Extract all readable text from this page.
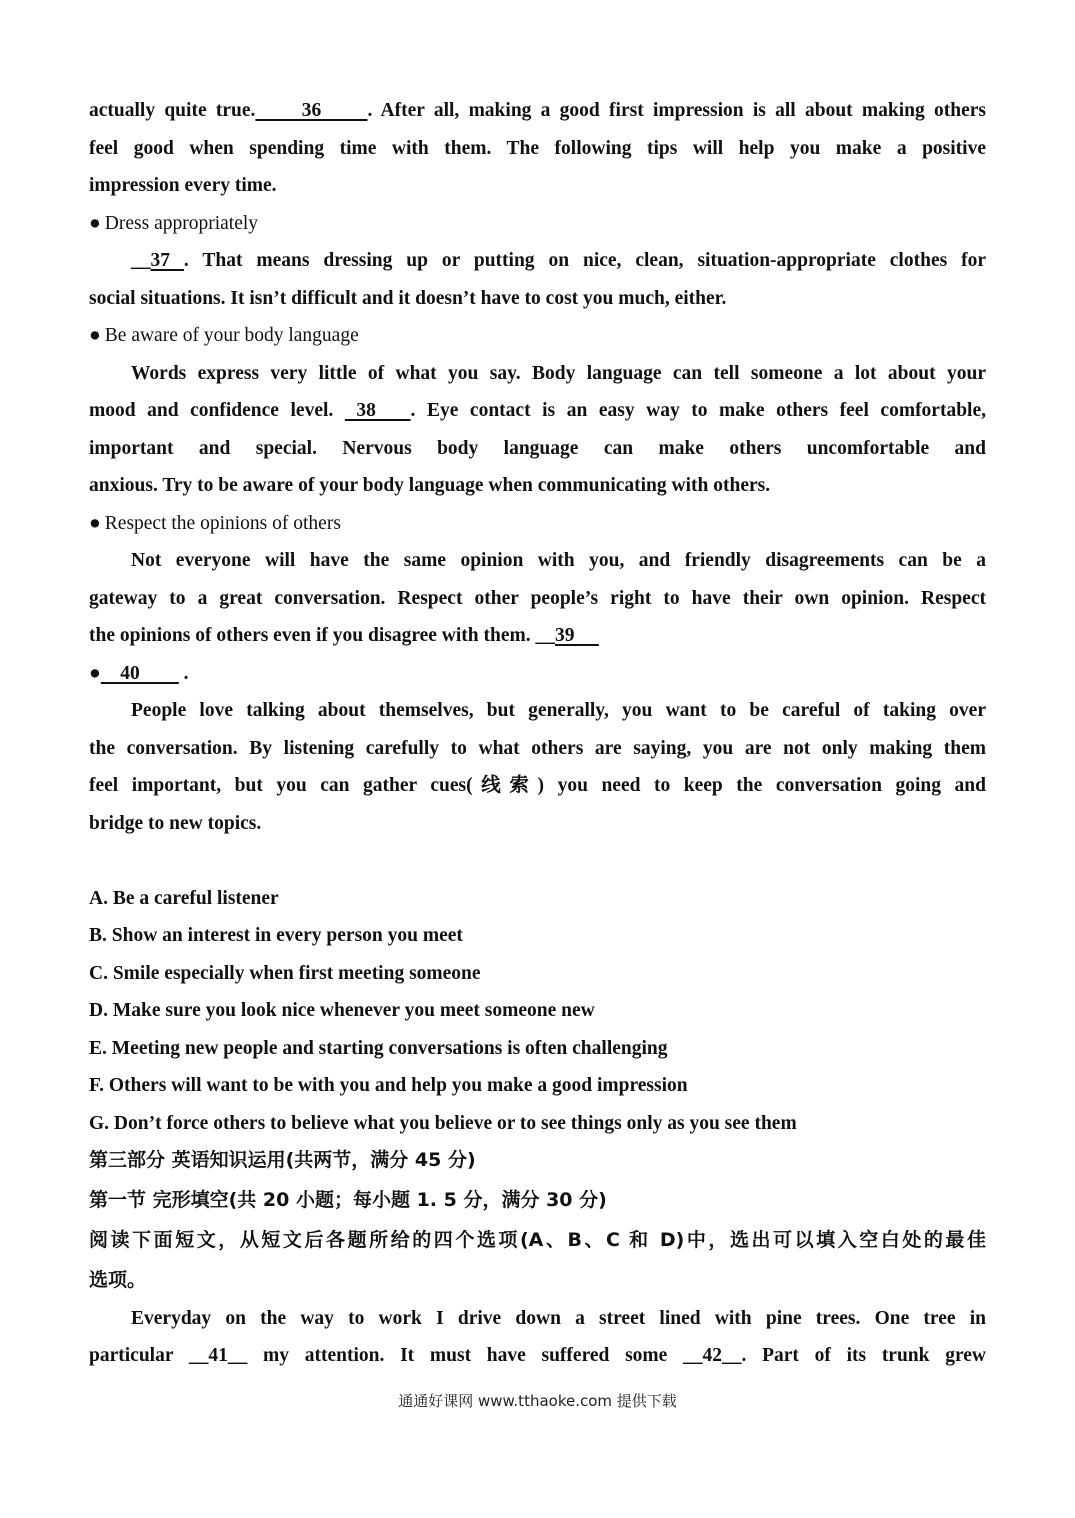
actually quite true.     36     . After all, making a good first impression is all about making others
feel good when spending time with them. The following tips will help you make a positive
impression every time.
● Dress appropriately
__37 . That means dressing up or putting on nice, clean, situation-appropriate clothes for
social situations. It isn’t difficult and it doesn’t have to cost you much, either.
● Be aware of your body language
Words express very little of what you say. Body language can tell someone a lot about your
mood and confidence level.  38   . Eye contact is an easy way to make others feel comfortable,
important and special. Nervous body language can make others uncomfortable and
anxious. Try to be aware of your body language when communicating with others.
● Respect the opinions of others
Not everyone will have the same opinion with you, and friendly disagreements can be a
gateway to a great conversation. Respect other people’s right to have their own opinion. Respect
the opinions of others even if you disagree with them. __39
●    40         .
People love talking about themselves, but generally, you want to be careful of taking over
the conversation. By listening carefully to what others are saying, you are not only making them
feel important, but you can gather cues(线索) you need to keep the conversation going and
bridge to new topics.
A. Be a careful listener
B. Show an interest in every person you meet
C. Smile especially when first meeting someone
D. Make sure you look nice whenever you meet someone new
E. Meeting new people and starting conversations is often challenging
F. Others will want to be with you and help you make a good impression
G. Don’t force others to believe what you believe or to see things only as you see them
第三部分 英语知识运用(共两节，满分 45 分)
第一节 完形填空(共 20 小题；每小题 1. 5 分，满分 30 分)
阅读下面短文，从短文后各题所给的四个选项(A、B、C 和 D)中，选出可以填入空白处的最佳
选项。
Everyday on the way to work I drive down a street lined with pine trees. One tree in
particular __41__ my attention. It must have suffered some __42__. Part of its trunk grew
通通好课网 www.tthaoke.com 提供下载
